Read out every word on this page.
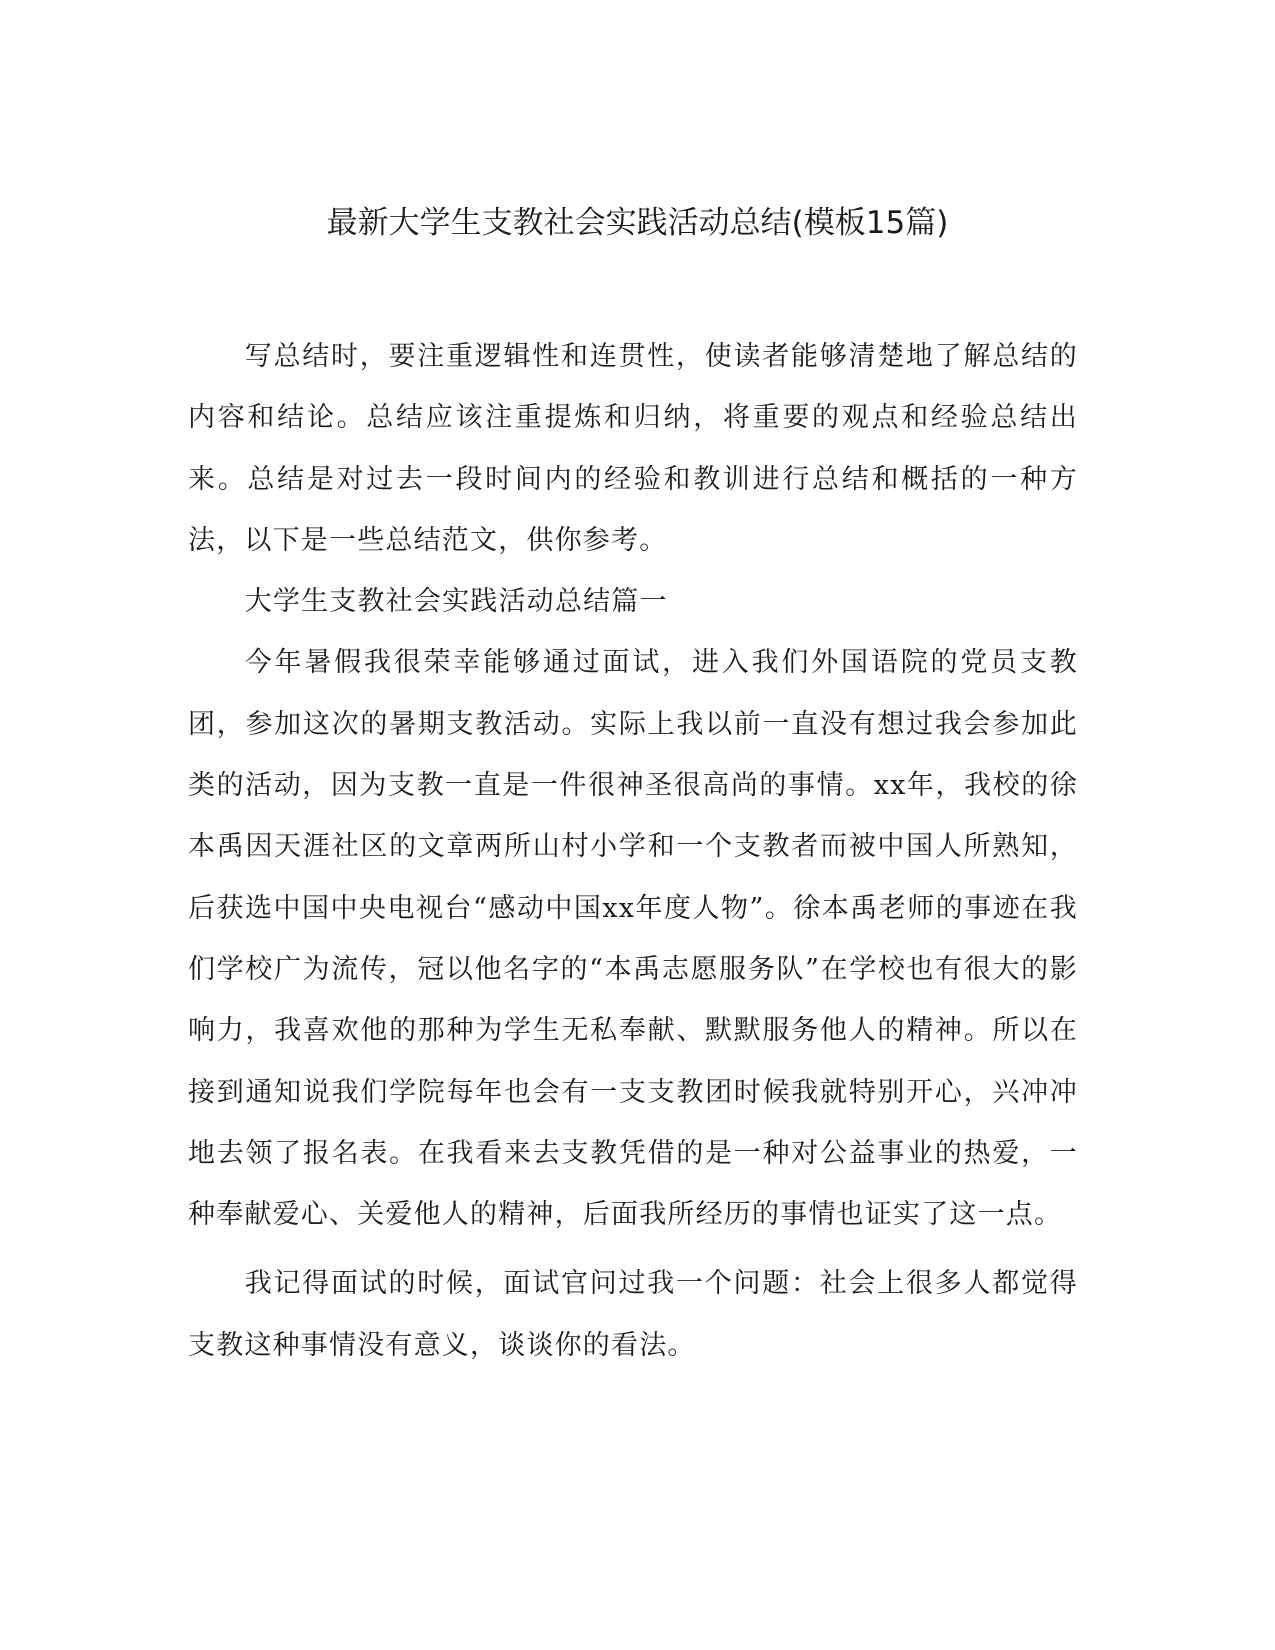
最新大学生支教社会实践活动总结(模板15篇)

写总结时，要注重逻辑性和连贯性，使读者能够清楚地了解总结的内容和结论。总结应该注重提炼和归纳，将重要的观点和经验总结出来。总结是对过去一段时间内的经验和教训进行总结和概括的一种方法，以下是一些总结范文，供你参考。

大学生支教社会实践活动总结篇一

今年暑假我很荣幸能够通过面试，进入我们外国语院的党员支教团，参加这次的暑期支教活动。实际上我以前一直没有想过我会参加此类的活动，因为支教一直是一件很神圣很高尚的事情。xx年，我校的徐本禹因天涯社区的文章两所山村小学和一个支教者而被中国人所熟知，后获选中国中央电视台“感动中国xx年度人物”。徐本禹老师的事迹在我们学校广为流传，冠以他名字的“本禹志愿服务队”在学校也有很大的影响力，我喜欢他的那种为学生无私奉献、默默服务他人的精神。所以在接到通知说我们学院每年也会有一支支教团时候我就特别开心，兴冲冲地去领了报名表。在我看来去支教凭借的是一种对公益事业的热爱，一种奉献爱心、关爱他人的精神，后面我所经历的事情也证实了这一点。

我记得面试的时候，面试官问过我一个问题：社会上很多人都觉得支教这种事情没有意义，谈谈你的看法。
